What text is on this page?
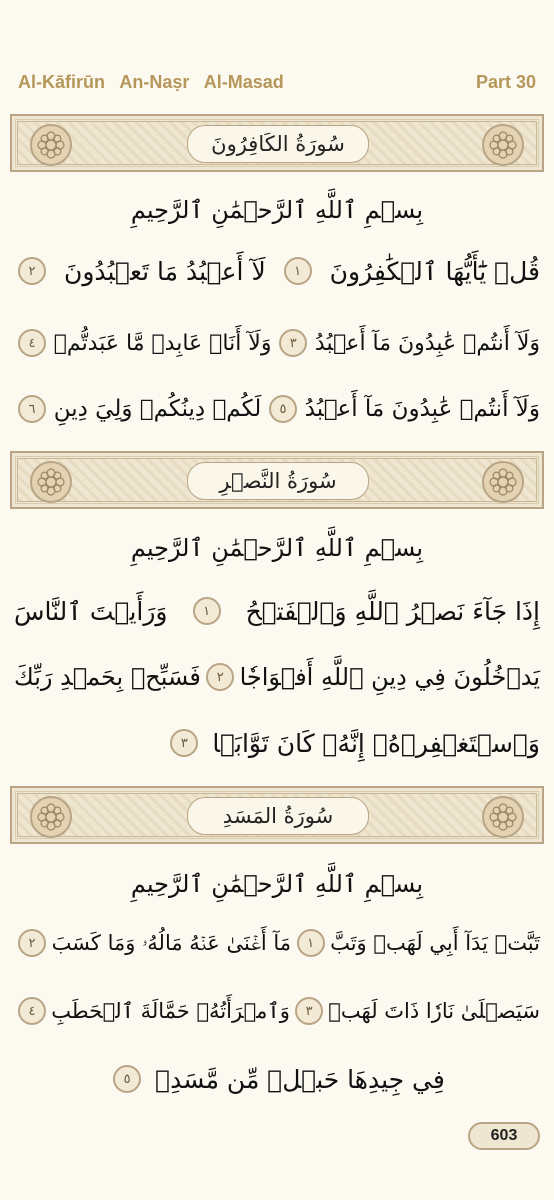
Al-Kāfirūn An-Naṣr Al-Masad	Part 30
سُورَةُ الكَافِرُونَ
بِسۡمِ ٱللَّهِ ٱلرَّحۡمَٰنِ ٱلرَّحِيمِ
قُلۡ يَٰٓأَيُّهَا ٱلۡكَٰفِرُونَ
١
لَآ أَعۡبُدُ مَا تَعۡبُدُونَ
٢
وَلَآ أَنتُمۡ عَٰبِدُونَ مَآ أَعۡبُدُ
٣
وَلَآ أَنَا۠ عَابِدٞ مَّا عَبَدتُّمۡ
٤
وَلَآ أَنتُمۡ عَٰبِدُونَ مَآ أَعۡبُدُ
٥
لَكُمۡ دِينُكُمۡ وَلِيَ دِينِ
٦
سُورَةُ النَّصۡرِ
بِسۡمِ ٱللَّهِ ٱلرَّحۡمَٰنِ ٱلرَّحِيمِ
إِذَا جَآءَ نَصۡرُ ٱللَّهِ وَٱلۡفَتۡحُ
١
وَرَأَيۡتَ ٱلنَّاسَ
يَدۡخُلُونَ فِي دِينِ ٱللَّهِ أَفۡوَاجٗا
٢
فَسَبِّحۡ بِحَمۡدِ رَبِّكَ
وَٱسۡتَغۡفِرۡهُۚ إِنَّهُۥ كَانَ تَوَّابَۢا
٣
سُورَةُ المَسَدِ
بِسۡمِ ٱللَّهِ ٱلرَّحۡمَٰنِ ٱلرَّحِيمِ
تَبَّتۡ يَدَآ أَبِي لَهَبٖ وَتَبَّ
١
مَآ أَغۡنَىٰ عَنۡهُ مَالُهُۥ وَمَا كَسَبَ
٢
سَيَصۡلَىٰ نَارٗا ذَاتَ لَهَبٖ
٣
وَٱمۡرَأَتُهُۥ حَمَّالَةَ ٱلۡحَطَبِ
٤
فِي جِيدِهَا حَبۡلٞ مِّن مَّسَدِۭ
٥
603
